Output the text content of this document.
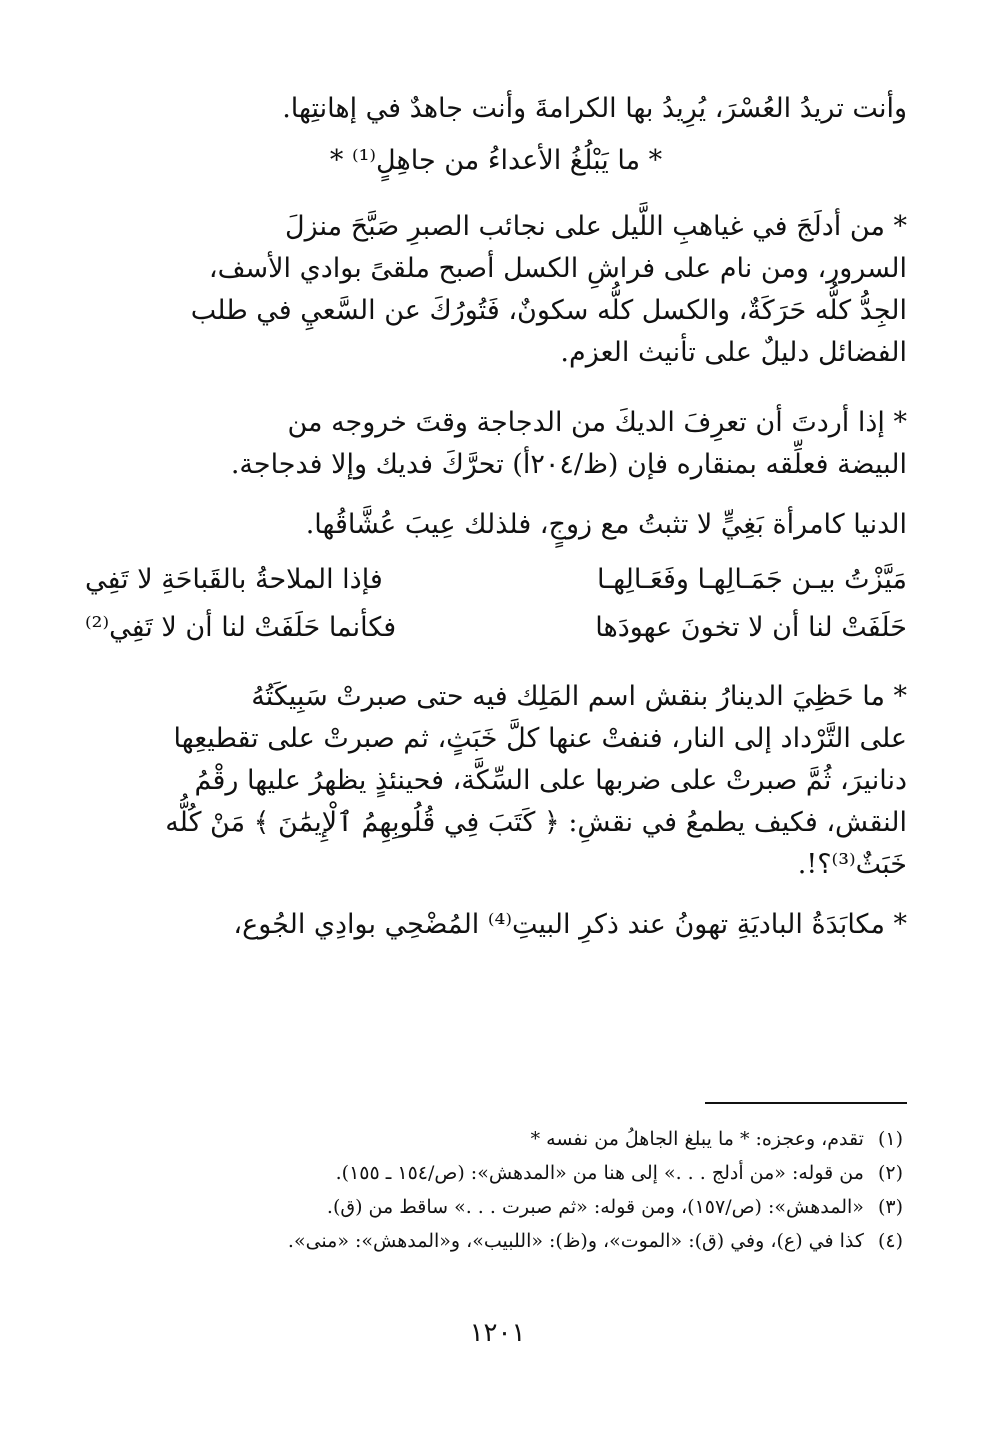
وأنت تريدُ العُسْرَ، يُرِيدُ بها الكرامةَ وأنت جاهدٌ في إهانتِها.

* ما يَبْلُغُ الأعداءُ من جاهِلٍ⁽¹⁾ *

* من أدلَجَ في غياهبِ اللَّيل على نجائب الصبرِ صَبَّحَ منزلَ

السرور، ومن نام على فراشِ الكسل أصبح ملقىً بوادي الأسف،

الجِدُّ كلُّه حَرَكَةٌ، والكسل كلُّه سكونٌ، فَتُورُكَ عن السَّعيِ في طلب

الفضائل دليلٌ على تأنيث العزم.

* إذا أردتَ أن تعرِفَ الديكَ من الدجاجة وقتَ خروجه من

البيضة فعلِّقه بمنقاره فإن (ظ/٢٠٤أ) تحرَّكَ فديك وإلا فدجاجة.

الدنيا كامرأة بَغِيٍّ لا تثبتُ مع زوجٍ، فلذلك عِيبَ عُشَّاقُها.

مَيَّزْتُ بيـن جَمَـالِهـا وفَعَـالِهـا
فإذا الملاحةُ بالقَباحَةِ لا تَفِي
حَلَفَتْ لنا أن لا تخونَ عهودَها
فكأنما حَلَفَتْ لنا أن لا تَفِي⁽²⁾

* ما حَظِيَ الدينارُ بنقش اسم المَلِك فيه حتى صبرتْ سَبِيكَتُهُ

على التَّرْداد إلى النار، فنفتْ عنها كلَّ خَبَثٍ، ثم صبرتْ على تقطيعِها

دنانيرَ، ثُمَّ صبرتْ على ضربها على السِّكَّة، فحينئذٍ يظهرُ عليها رقْمُ

النقش، فكيف يطمعُ في نقشِ: ﴿ كَتَبَ فِي قُلُوبِهِمُ ٱلْإِيمَٰنَ ﴾ مَنْ كُلُّه

خَبَثٌ⁽³⁾؟!.

* مكابَدَةُ الباديَةِ تهونُ عند ذكرِ البيتِ⁽⁴⁾ المُضْحِي بوادِي الجُوع،

(١)تقدم، وعجزه: * ما يبلغ الجاهلُ من نفسه *
(٢)من قوله: «من أدلج . . .» إلى هنا من «المدهش»: (ص/١٥٤ ـ ١٥٥).
(٣)«المدهش»: (ص/١٥٧)، ومن قوله: «ثم صبرت . . .» ساقط من (ق).
(٤)كذا في (ع)، وفي (ق): «الموت»، و(ظ): «اللبيب»، و«المدهش»: «منى».
١٢٠١
